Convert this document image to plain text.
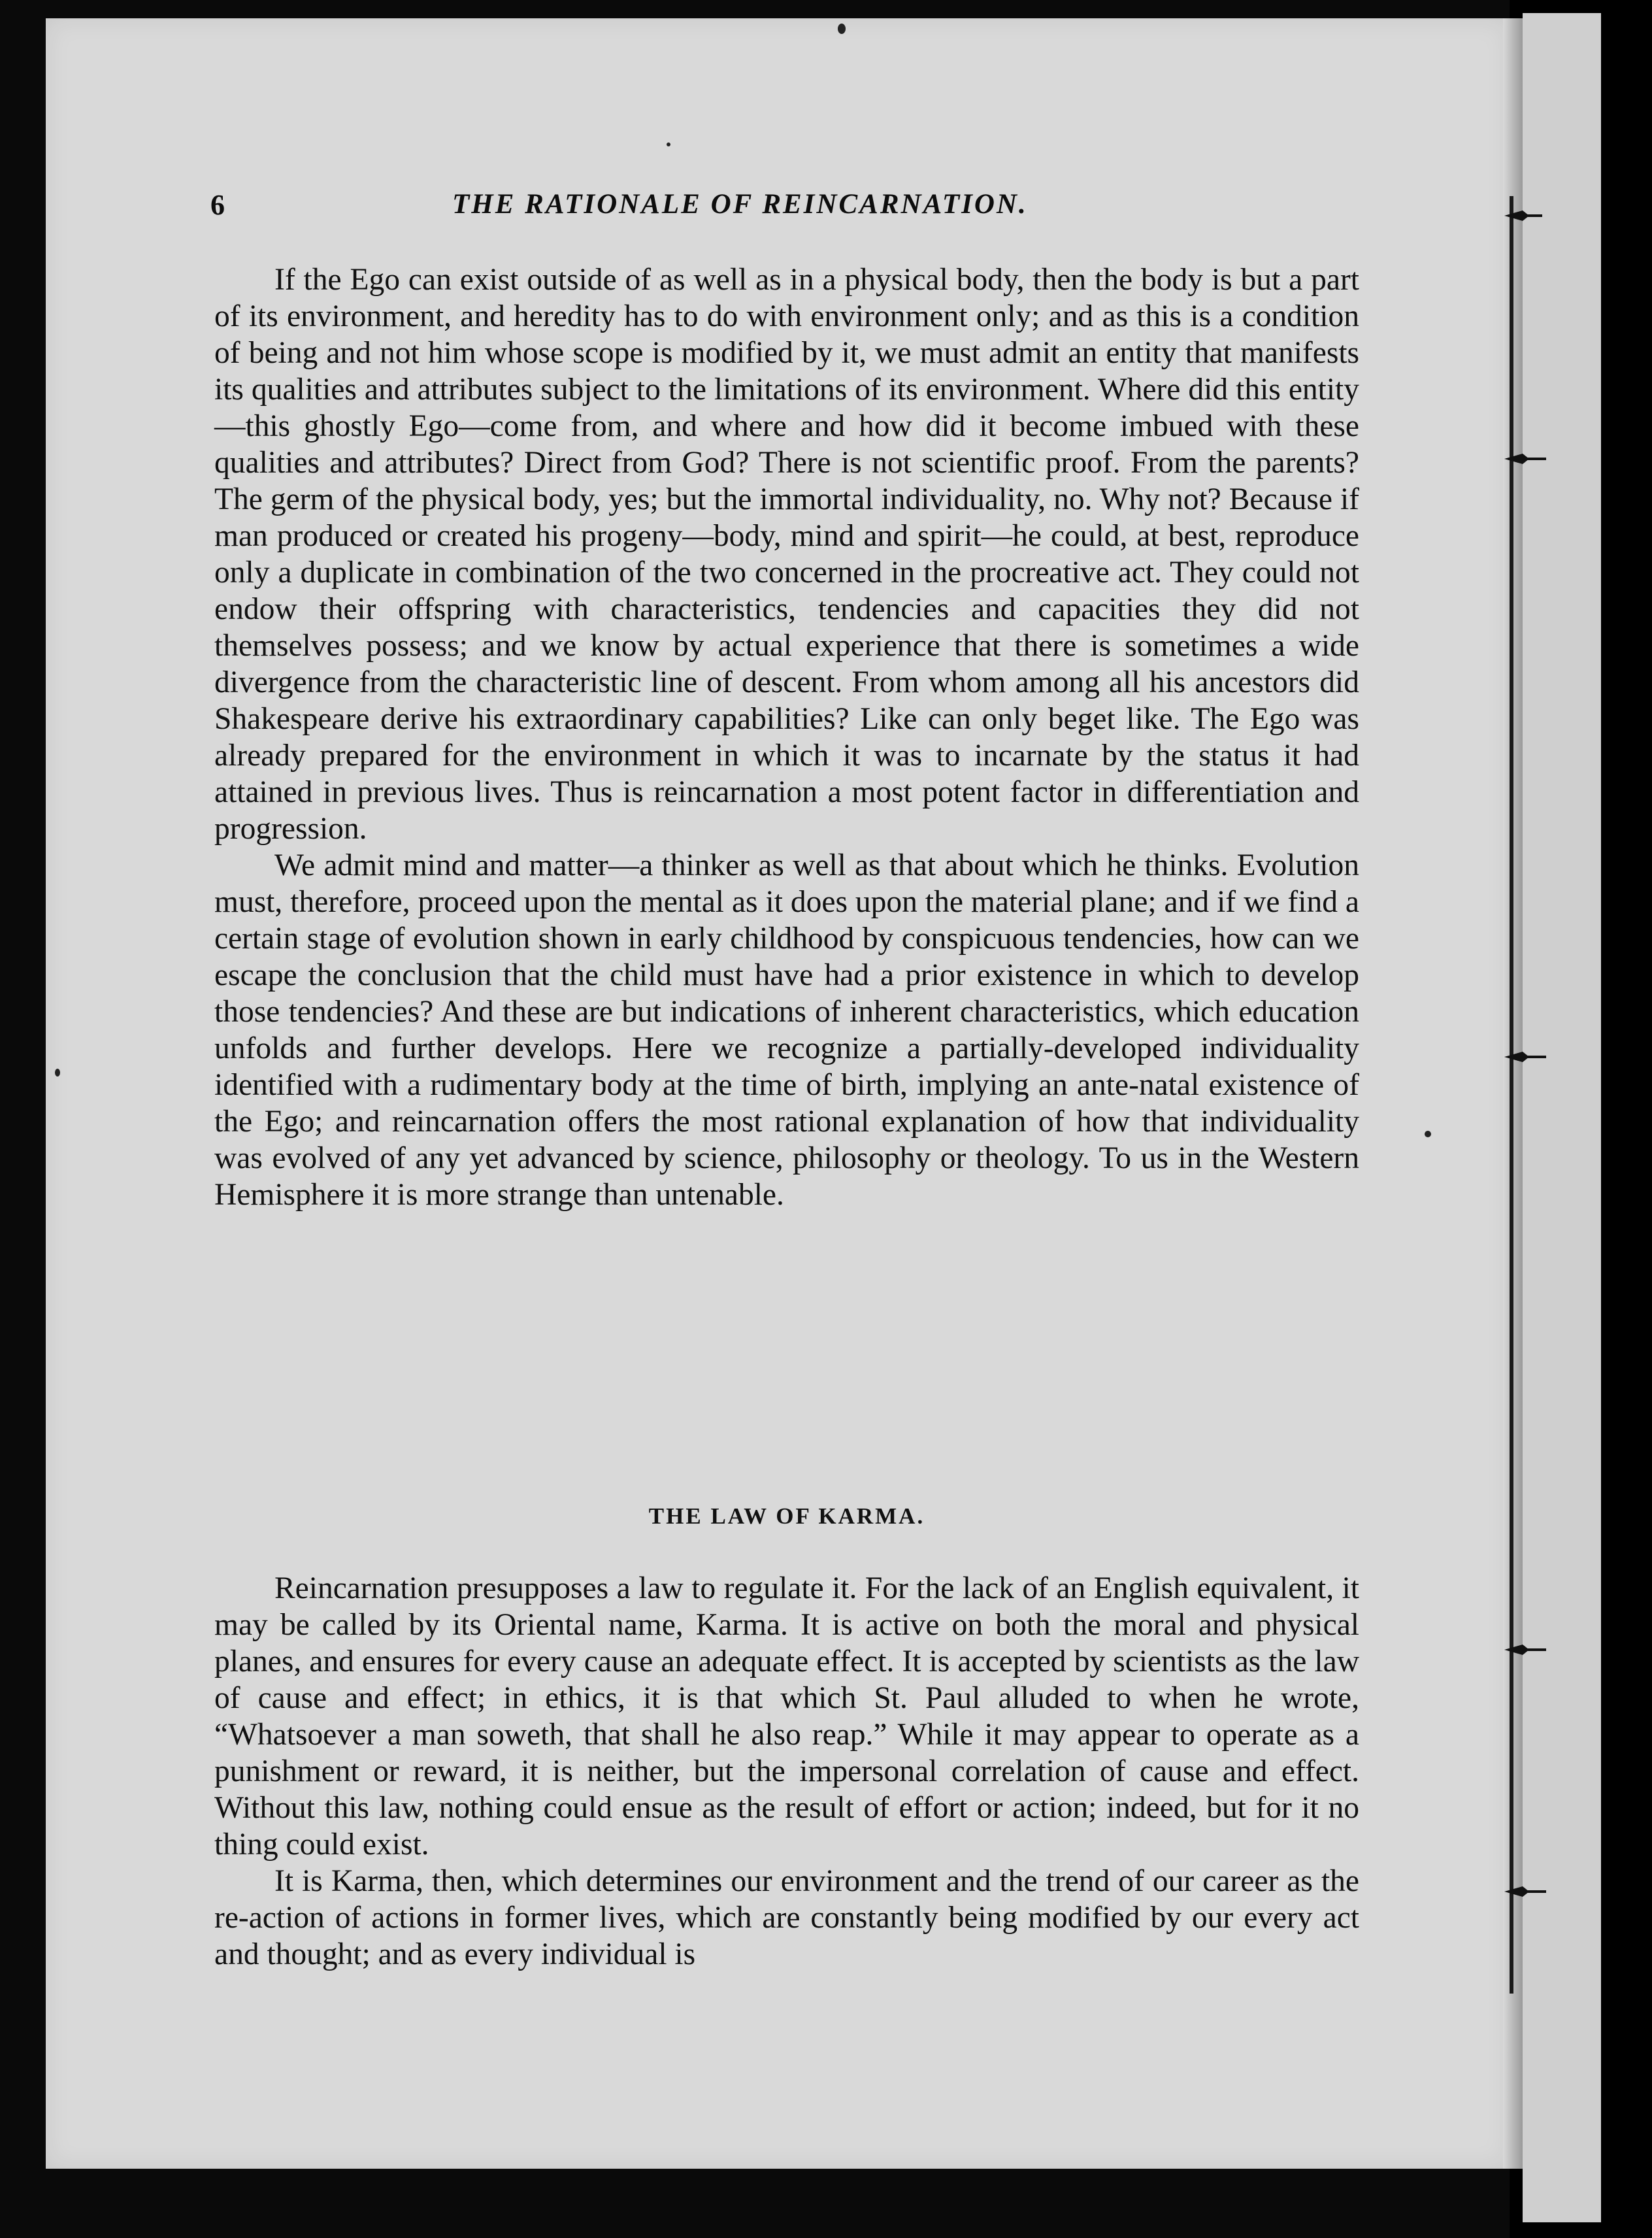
6	THE RATIONALE OF REINCARNATION.

If the Ego can exist outside of as well as in a physical body, then the body is but a part of its environment, and heredity has to do with environment only; and as this is a condition of being and not him whose scope is modified by it, we must admit an entity that manifests its qualities and attributes subject to the limitations of its environment. Where did this entity—this ghostly Ego—come from, and where and how did it become imbued with these qualities and attributes? Direct from God? There is not scientific proof. From the parents? The germ of the physical body, yes; but the immortal individuality, no. Why not? Because if man produced or created his progeny—body, mind and spirit—he could, at best, reproduce only a duplicate in combination of the two concerned in the procreative act. They could not endow their offspring with characteristics, tendencies and capacities they did not themselves possess; and we know by actual experience that there is sometimes a wide divergence from the characteristic line of descent. From whom among all his ancestors did Shakespeare derive his extraordinary capabilities? Like can only beget like. The Ego was already prepared for the environment in which it was to incarnate by the status it had attained in previous lives. Thus is reincarnation a most potent factor in differentiation and progression.

We admit mind and matter—a thinker as well as that about which he thinks. Evolution must, therefore, proceed upon the mental as it does upon the material plane; and if we find a certain stage of evolution shown in early childhood by conspicuous tendencies, how can we escape the conclusion that the child must have had a prior existence in which to develop those tendencies? And these are but indications of inherent characteristics, which education unfolds and further develops. Here we recognize a partially-developed individuality identified with a rudimentary body at the time of birth, implying an ante-natal existence of the Ego; and reincarnation offers the most rational explanation of how that individuality was evolved of any yet advanced by science, philosophy or theology. To us in the Western Hemisphere it is more strange than untenable.

THE LAW OF KARMA.

Reincarnation presupposes a law to regulate it. For the lack of an English equivalent, it may be called by its Oriental name, Karma. It is active on both the moral and physical planes, and ensures for every cause an adequate effect. It is accepted by scientists as the law of cause and effect; in ethics, it is that which St. Paul alluded to when he wrote, “Whatsoever a man soweth, that shall he also reap.” While it may appear to operate as a punishment or reward, it is neither, but the impersonal correlation of cause and effect. Without this law, nothing could ensue as the result of effort or action; indeed, but for it no thing could exist.

It is Karma, then, which determines our environment and the trend of our career as the re-action of actions in former lives, which are constantly being modified by our every act and thought; and as every individual is
